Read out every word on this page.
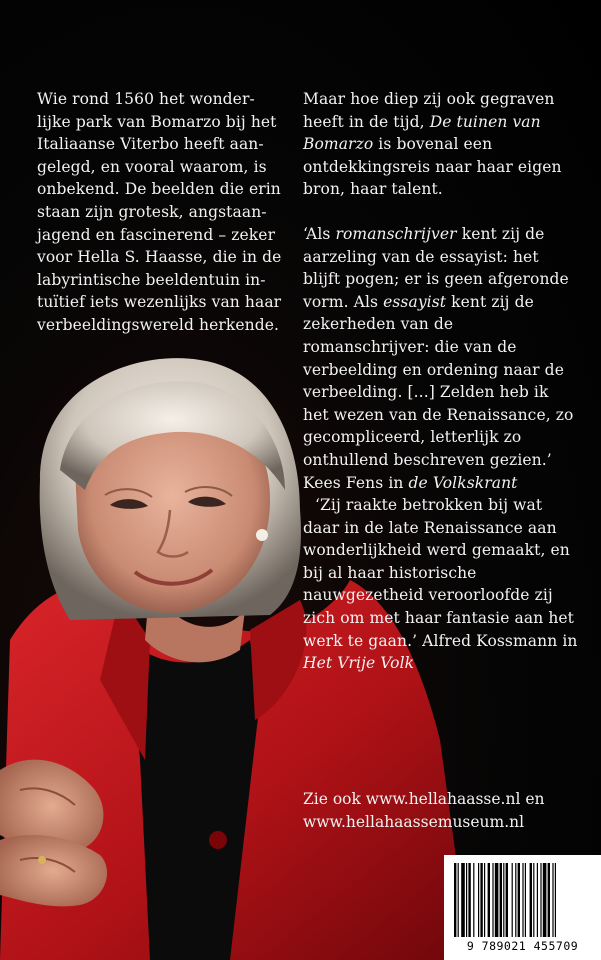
Wie rond 1560 het wonder-

lijke park van Bomarzo bij het

Italiaanse Viterbo heeft aan-

gelegd, en vooral waarom, is

onbekend. De beelden die erin

staan zijn grotesk, angstaan-

jagend en fascinerend – zeker

voor Hella S. Haasse, die in de

labyrintische beeldentuin in-

tuïtief iets wezenlijks van haar

verbeeldingswereld herkende.

Maar hoe diep zij ook gegraven heeft in de tijd, De tuinen van Bomarzo is bovenal een ontdekkingsreis naar haar eigen bron, haar talent.

‘Als romanschrijver kent zij de aarzeling van de essayist: het blijft pogen; er is geen afgeronde vorm. Als essayist kent zij de zekerheden van de romanschrijver: die van de verbeelding en ordening naar de verbeelding. [...] Zelden heb ik het wezen van de Renaissance, zo gecompliceerd, letterlijk zo onthullend beschreven gezien.’ Kees Fens in de Volkskrant

‘Zij raakte betrokken bij wat daar in de late Renaissance aan wonderlijkheid werd gemaakt, en bij al haar historische nauwgezetheid veroorloofde zij zich om met haar fantasie aan het werk te gaan.’ Alfred Kossmann in Het Vrije Volk

Zie ook www.hellahaasse.nl en

www.hellahaassemuseum.nl

9 789021 455709
